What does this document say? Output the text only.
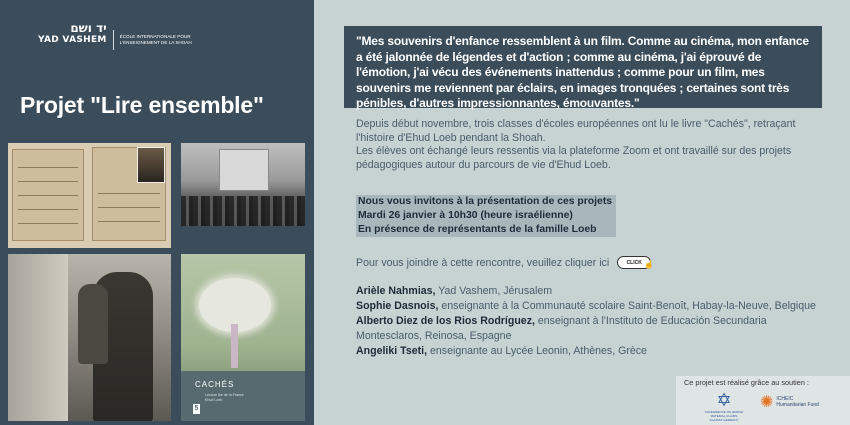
יד ושם
YAD VASHEM	ÉCOLE INTERNATIONALE POUR
L'ENSEIGNEMENT DE LA SHOAH
Projet "Lire ensemble"
CACHÉS
Lecture lire de la France
Ehud Loeb
5
"Mes souvenirs d'enfance ressemblent à un film. Comme au cinéma, mon enfance a été jalonnée de légendes et d'action ; comme au cinéma, j'ai éprouvé de l'émotion, j'ai vécu des événements inattendus ; comme pour un film, mes souvenirs me reviennent par éclairs, en images tronquées ; certaines sont très pénibles, d'autres impressionnantes, émouvantes."

Depuis début novembre, trois classes d'écoles européennes ont lu le livre "Cachés", retraçant l'histoire d'Ehud Loeb pendant la Shoah.

Les élèves ont échangé leurs ressentis via la plateforme Zoom et ont travaillé sur des projets pédagogiques autour du parcours de vie d'Ehud Loeb.

Nous vous invitons à la présentation de ces projets
Mardi 26 janvier à 10h30 (heure israélienne)
En présence de représentants de la famille Loeb
Pour vous joindre à cette rencontre, veuillez cliquer ici	CLICK ☝
Arièle Nahmias, Yad Vashem, Jérusalem
Sophie Dasnois, enseignante à la Communauté scolaire Saint-Benoît, Habay-la-Neuve, Belgique
Alberto Diez de los Rios Rodríguez, enseignant à l'Instituto de Educación Secundaria Montesclaros, Reinosa, Espagne
Angeliki Tseti, enseignante au Lycée Leonin, Athènes, Grèce
Ce projet est réalisé grâce au soutien :
✡
CONFERENCE ON JEWISH MATERIAL CLAIMS AGAINST GERMANY
✺ ICHEIC
Humanitarian Fund
